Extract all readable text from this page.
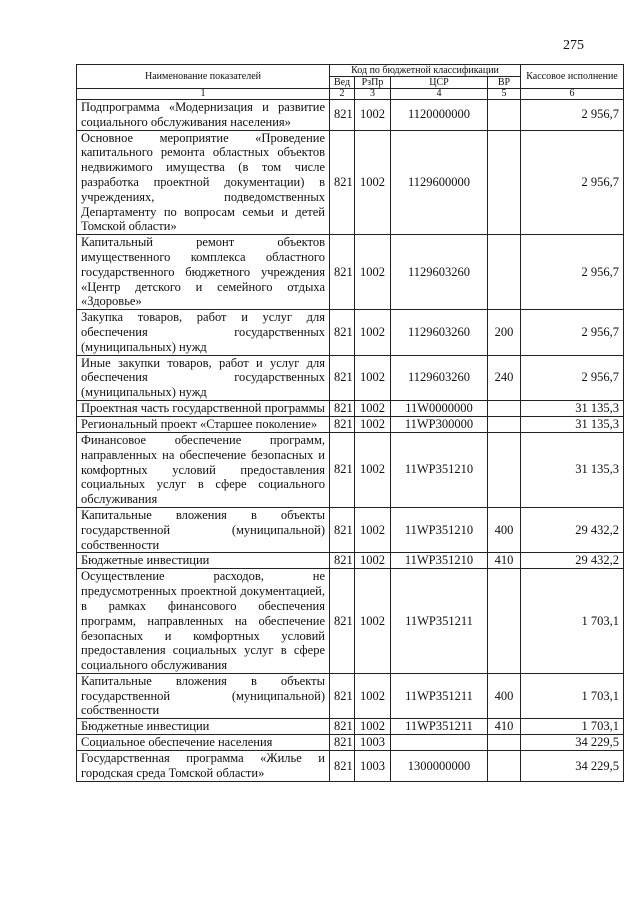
275
Наименование показателей	Код по бюджетной классификации				Кассовое исполнение
	Вед	РзПр	ЦСР	ВР	
1	2	3	4	5	6
Подпрограмма «Модернизация и развитие социального обслуживания населения»	821	1002	1120000000		2 956,7
Основное мероприятие «Проведение капитального ремонта областных объектов недвижимого имущества (в том числе разработка проектной документации) в учреждениях, подведомственных Департаменту по вопросам семьи и детей Томской области»	821	1002	1129600000		2 956,7
Капитальный ремонт объектов имущественного комплекса областного государственного бюджетного учреждения «Центр детского и семейного отдыха «Здоровье»	821	1002	1129603260		2 956,7
Закупка товаров, работ и услуг для обеспечения государственных (муниципальных) нужд	821	1002	1129603260	200	2 956,7
Иные закупки товаров, работ и услуг для обеспечения государственных (муниципальных) нужд	821	1002	1129603260	240	2 956,7
Проектная часть государственной программы	821	1002	11W0000000		31 135,3
Региональный проект «Старшее поколение»	821	1002	11WP300000		31 135,3
Финансовое обеспечение программ, направленных на обеспечение безопасных и комфортных условий предоставления социальных услуг в сфере социального обслуживания	821	1002	11WP351210		31 135,3
Капитальные вложения в объекты государственной (муниципальной) собственности	821	1002	11WP351210	400	29 432,2
Бюджетные инвестиции	821	1002	11WP351210	410	29 432,2
Осуществление расходов, не предусмотренных проектной документацией, в рамках финансового обеспечения программ, направленных на обеспечение безопасных и комфортных условий предоставления социальных услуг в сфере социального обслуживания	821	1002	11WP351211		1 703,1
Капитальные вложения в объекты государственной (муниципальной) собственности	821	1002	11WP351211	400	1 703,1
Бюджетные инвестиции	821	1002	11WP351211	410	1 703,1
Социальное обеспечение населения	821	1003			34 229,5
Государственная программа «Жилье и городская среда Томской области»	821	1003	1300000000		34 229,5
